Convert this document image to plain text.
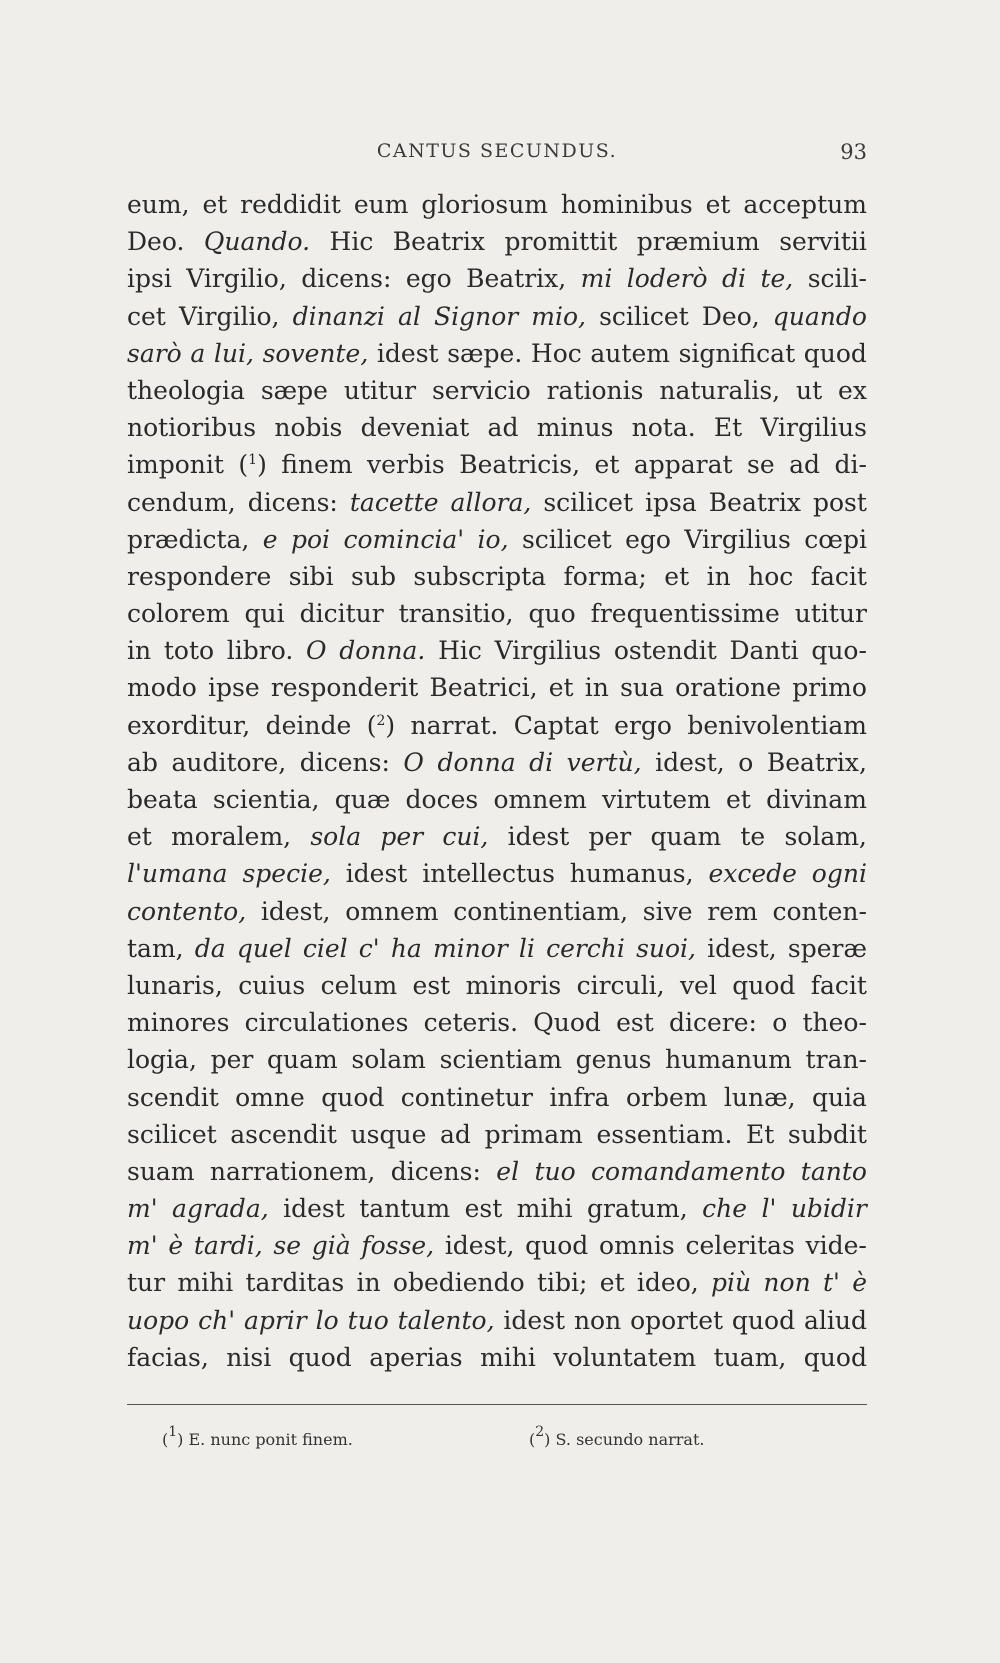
CANTUS SECUNDUS.	93
eum, et reddidit eum gloriosum hominibus et acceptum
Deo. Quando. Hic Beatrix promittit præmium servitii
ipsi Virgilio, dicens: ego Beatrix, mi loderò di te, scili-
cet Virgilio, dinanzi al Signor mio, scilicet Deo, quando
sarò a lui, sovente, idest sæpe. Hoc autem significat quod
theologia sæpe utitur servicio rationis naturalis, ut ex
notioribus nobis deveniat ad minus nota. Et Virgilius
imponit ($^1$) finem verbis Beatricis, et apparat se ad di-
cendum, dicens: tacette allora, scilicet ipsa Beatrix post
prædicta, e poi comincia' io, scilicet ego Virgilius cœpi
respondere sibi sub subscripta forma; et in hoc facit
colorem qui dicitur transitio, quo frequentissime utitur
in toto libro. O donna. Hic Virgilius ostendit Danti quo-
modo ipse responderit Beatrici, et in sua oratione primo
exorditur, deinde ($^2$) narrat. Captat ergo benivolentiam
ab auditore, dicens: O donna di vertù, idest, o Beatrix,
beata scientia, quæ doces omnem virtutem et divinam
et moralem, sola per cui, idest per quam te solam,
l'umana specie, idest intellectus humanus, excede ogni
contento, idest, omnem continentiam, sive rem conten-
tam, da quel ciel c' ha minor li cerchi suoi, idest, speræ
lunaris, cuius celum est minoris circuli, vel quod facit
minores circulationes ceteris. Quod est dicere: o theo-
logia, per quam solam scientiam genus humanum tran-
scendit omne quod continetur infra orbem lunæ, quia
scilicet ascendit usque ad primam essentiam. Et subdit
suam narrationem, dicens: el tuo comandamento tanto
m' agrada, idest tantum est mihi gratum, che l' ubidir
m' è tardi, se già fosse, idest, quod omnis celeritas vide-
tur mihi tarditas in obediendo tibi; et ideo, più non t' è
uopo ch' aprir lo tuo talento, idest non oportet quod aliud
facias, nisi quod aperias mihi voluntatem tuam, quod
($^1$) E. nunc ponit finem.	($^2$) S. secundo narrat.
